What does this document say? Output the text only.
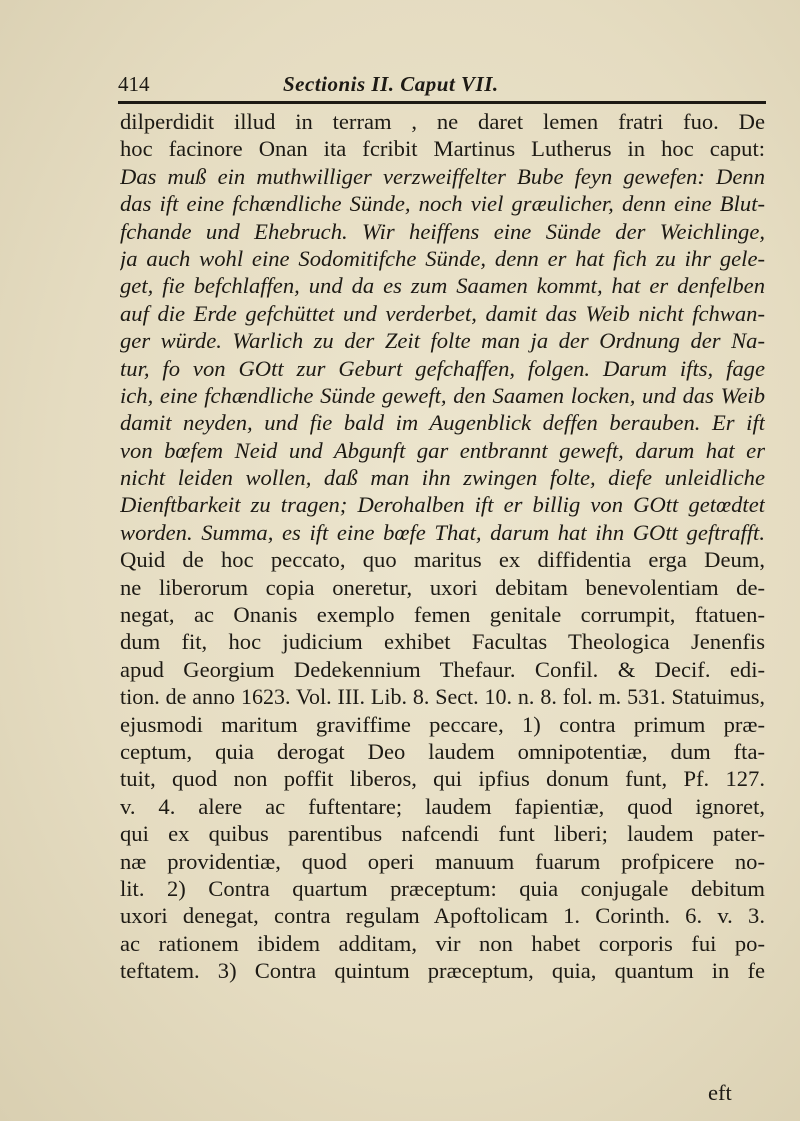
414	Sectionis II. Caput VII.
dilperdidit illud in terram , ne daret lemen fratri fuo. De
hoc facinore Onan ita fcribit Martinus Lutherus in hoc caput:
Das muß ein muthwilliger verzweiffelter Bube feyn gewefen: Denn
das ift eine fchændliche Sünde, noch viel græulicher, denn eine Blut-
fchande und Ehebruch. Wir heiffens eine Sünde der Weichlinge,
ja auch wohl eine Sodomitifche Sünde, denn er hat fich zu ihr gele-
get, fie befchlaffen, und da es zum Saamen kommt, hat er denfelben
auf die Erde gefchüttet und verderbet, damit das Weib nicht fchwan-
ger würde. Warlich zu der Zeit folte man ja der Ordnung der Na-
tur, fo von GOtt zur Geburt gefchaffen, folgen. Darum ifts, fage
ich, eine fchændliche Sünde geweft, den Saamen locken, und das Weib
damit neyden, und fie bald im Augenblick deffen berauben. Er ift
von bœfem Neid und Abgunft gar entbrannt geweft, darum hat er
nicht leiden wollen, daß man ihn zwingen folte, diefe unleidliche
Dienftbarkeit zu tragen; Derohalben ift er billig von GOtt getœdtet
worden. Summa, es ift eine bœfe That, darum hat ihn GOtt geftrafft.
Quid de hoc peccato, quo maritus ex diffidentia erga Deum,
ne liberorum copia oneretur, uxori debitam benevolentiam de-
negat, ac Onanis exemplo femen genitale corrumpit, ftatuen-
dum fit, hoc judicium exhibet Facultas Theologica Jenenfis
apud Georgium Dedekennium Thefaur. Confil. & Decif. edi-
tion. de anno 1623. Vol. III. Lib. 8. Sect. 10. n. 8. fol. m. 531. Statuimus,
ejusmodi maritum graviffime peccare, 1) contra primum præ-
ceptum, quia derogat Deo laudem omnipotentiæ, dum fta-
tuit, quod non poffit liberos, qui ipfius donum funt, Pf. 127.
v. 4. alere ac fuftentare; laudem fapientiæ, quod ignoret,
qui ex quibus parentibus nafcendi funt liberi; laudem pater-
næ providentiæ, quod operi manuum fuarum profpicere no-
lit. 2) Contra quartum præceptum: quia conjugale debitum
uxori denegat, contra regulam Apoftolicam 1. Corinth. 6. v. 3.
ac rationem ibidem additam, vir non habet corporis fui po-
teftatem. 3) Contra quintum præceptum, quia, quantum in fe
eft
